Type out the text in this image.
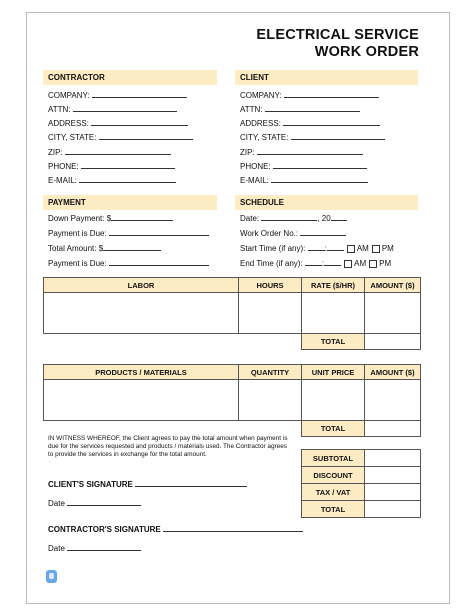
ELECTRICAL SERVICE
WORK ORDER
CONTRACTOR	CLIENT
COMPANY:
ATTN:
ADDRESS:
CITY, STATE:
ZIP:
PHONE:
E-MAIL:
COMPANY:
ATTN:
ADDRESS:
CITY, STATE:
ZIP:
PHONE:
E-MAIL:
PAYMENT	SCHEDULE
Down Payment: $
Payment is Due:
Total Amount: $
Payment is Due:
Date:	, 20
Work Order No.:
Start Time (if any): :	AM PM
End Time (if any): :	AM PM
LABOR	HOURS	RATE ($/HR)	AMOUNT ($)

		TOTAL	
PRODUCTS / MATERIALS	QUANTITY	UNIT PRICE	AMOUNT ($)

		TOTAL	
IN WITNESS WHEREOF, the Client agrees to pay the total amount when payment is due for the services requested and products / materials used. The Contractor agrees to provide the services in exchange for the total amount.	SUBTOTAL	
DISCOUNT	
TAX / VAT	
TOTAL	
CLIENT'S SIGNATURE
Date
CONTRACTOR'S SIGNATURE
Date
